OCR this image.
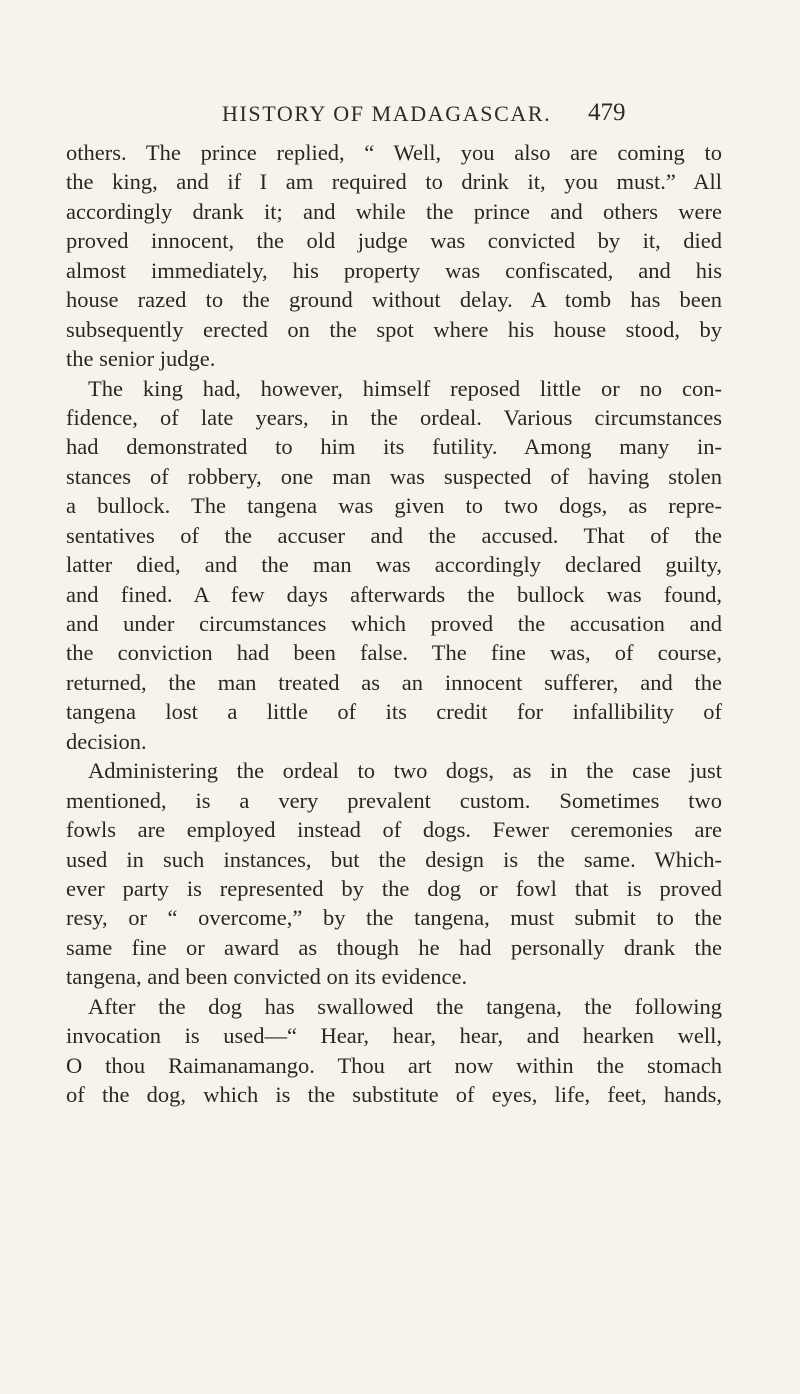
HISTORY OF MADAGASCAR. 479
others. The prince replied, “ Well, you also are coming to
the king, and if I am required to drink it, you must.” All
accordingly drank it; and while the prince and others were
proved innocent, the old judge was convicted by it, died
almost immediately, his property was confiscated, and his
house razed to the ground without delay. A tomb has been
subsequently erected on the spot where his house stood, by
the senior judge.
The king had, however, himself reposed little or no con-
fidence, of late years, in the ordeal. Various circumstances
had demonstrated to him its futility. Among many in-
stances of robbery, one man was suspected of having stolen
a bullock. The tangena was given to two dogs, as repre-
sentatives of the accuser and the accused. That of the
latter died, and the man was accordingly declared guilty,
and fined. A few days afterwards the bullock was found,
and under circumstances which proved the accusation and
the conviction had been false. The fine was, of course,
returned, the man treated as an innocent sufferer, and the
tangena lost a little of its credit for infallibility of
decision.
Administering the ordeal to two dogs, as in the case just
mentioned, is a very prevalent custom. Sometimes two
fowls are employed instead of dogs. Fewer ceremonies are
used in such instances, but the design is the same. Which-
ever party is represented by the dog or fowl that is proved
resy, or “ overcome,” by the tangena, must submit to the
same fine or award as though he had personally drank the
tangena, and been convicted on its evidence.
After the dog has swallowed the tangena, the following
invocation is used—“ Hear, hear, hear, and hearken well,
O thou Raimanamango. Thou art now within the stomach
of the dog, which is the substitute of eyes, life, feet, hands,
